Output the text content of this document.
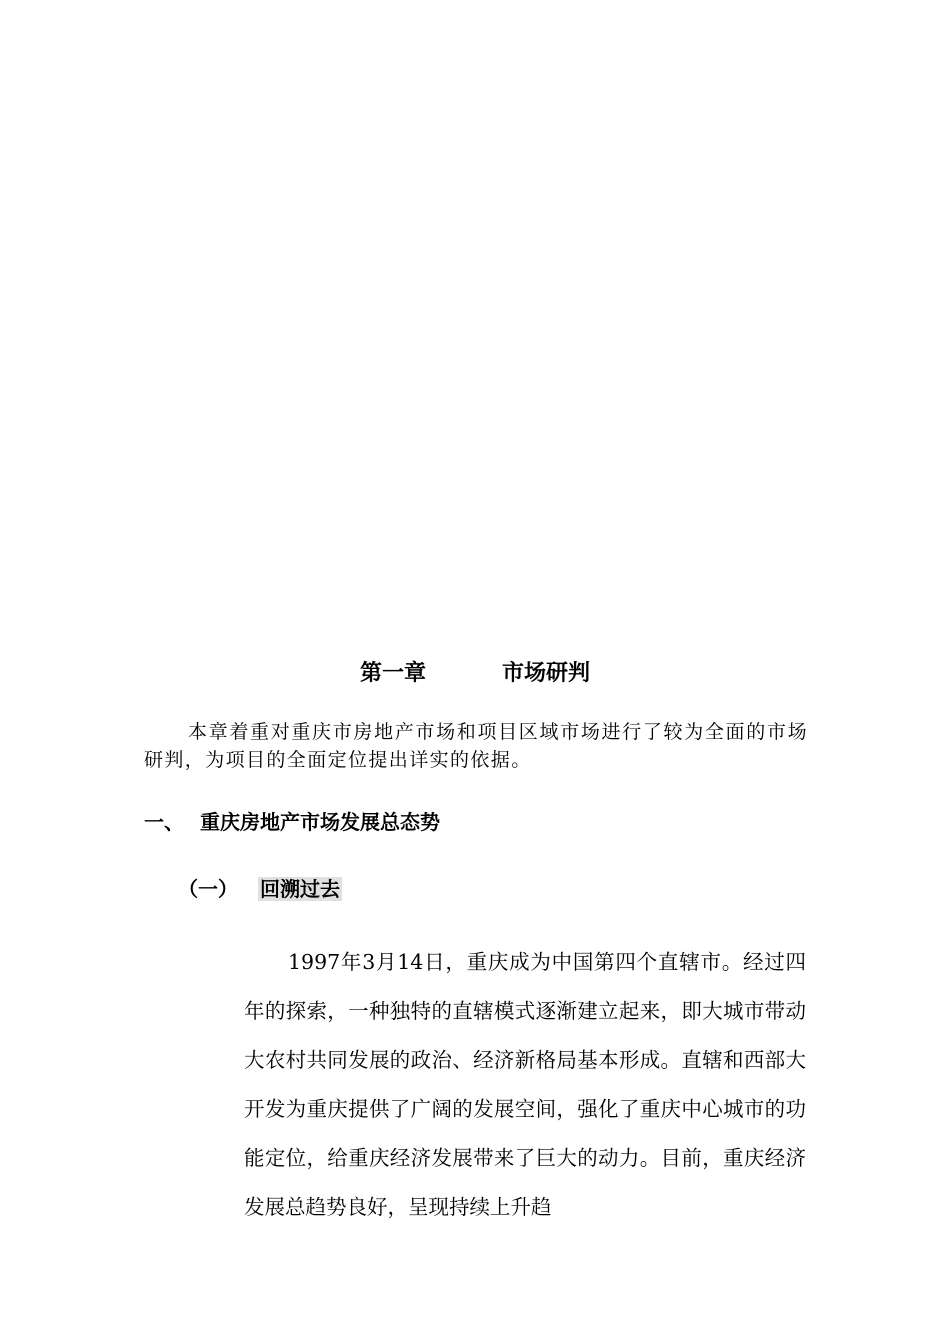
第一章	市场研判

本章着重对重庆市房地产市场和项目区域市场进行了较为全面的市场研判，为项目的全面定位提出详实的依据。

一、 重庆房地产市场发展总态势
（一） 回溯过去

1997年3月14日，重庆成为中国第四个直辖市。经过四年的探索，一种独特的直辖模式逐渐建立起来，即大城市带动大农村共同发展的政治、经济新格局基本形成。直辖和西部大开发为重庆提供了广阔的发展空间，强化了重庆中心城市的功能定位，给重庆经济发展带来了巨大的动力。目前，重庆经济发展总趋势良好，呈现持续上升趋
